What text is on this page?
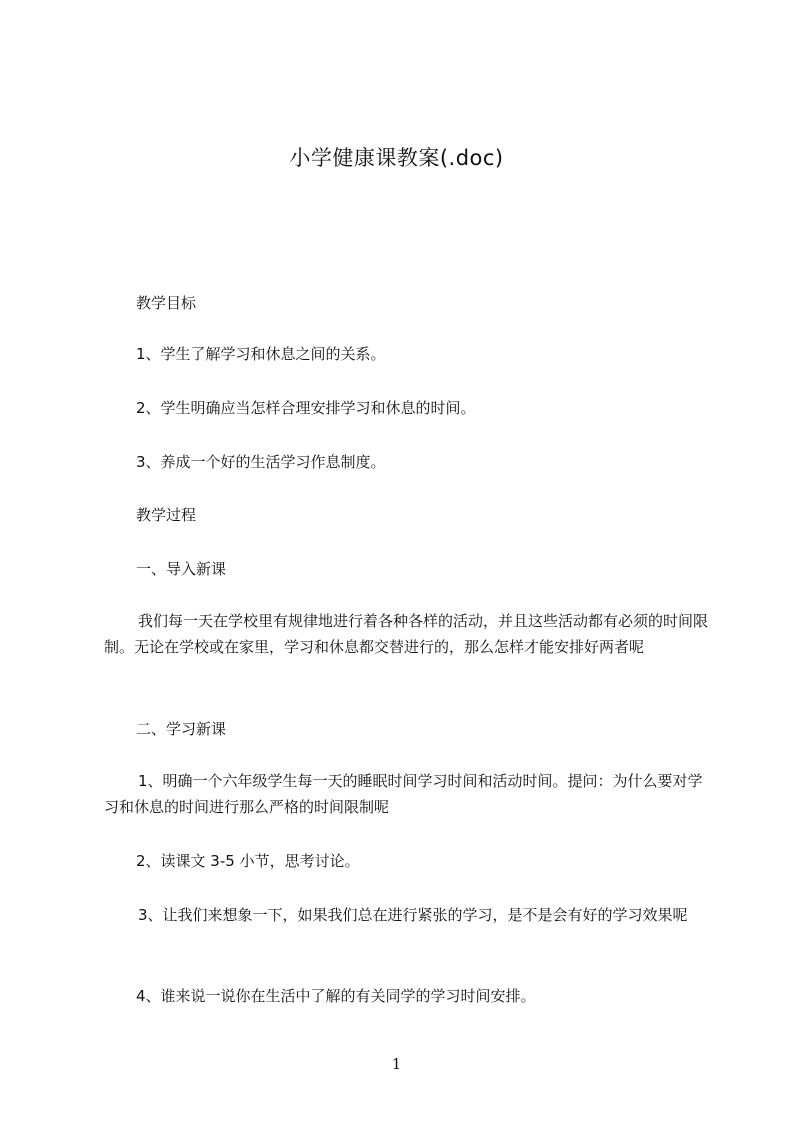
小学健康课教案(.doc)

教学目标

1、学生了解学习和休息之间的关系。

2、学生明确应当怎样合理安排学习和休息的时间。

3、养成一个好的生活学习作息制度。

教学过程

一、导入新课

我们每一天在学校里有规律地进行着各种各样的活动，并且这些活动都有必须的时间限制。无论在学校或在家里，学习和休息都交替进行的，那么怎样才能安排好两者呢

二、学习新课

1、明确一个六年级学生每一天的睡眠时间学习时间和活动时间。提问：为什么要对学习和休息的时间进行那么严格的时间限制呢

2、读课文 3-5 小节，思考讨论。

3、让我们来想象一下，如果我们总在进行紧张的学习，是不是会有好的学习效果呢

4、谁来说一说你在生活中了解的有关同学的学习时间安排。

1
